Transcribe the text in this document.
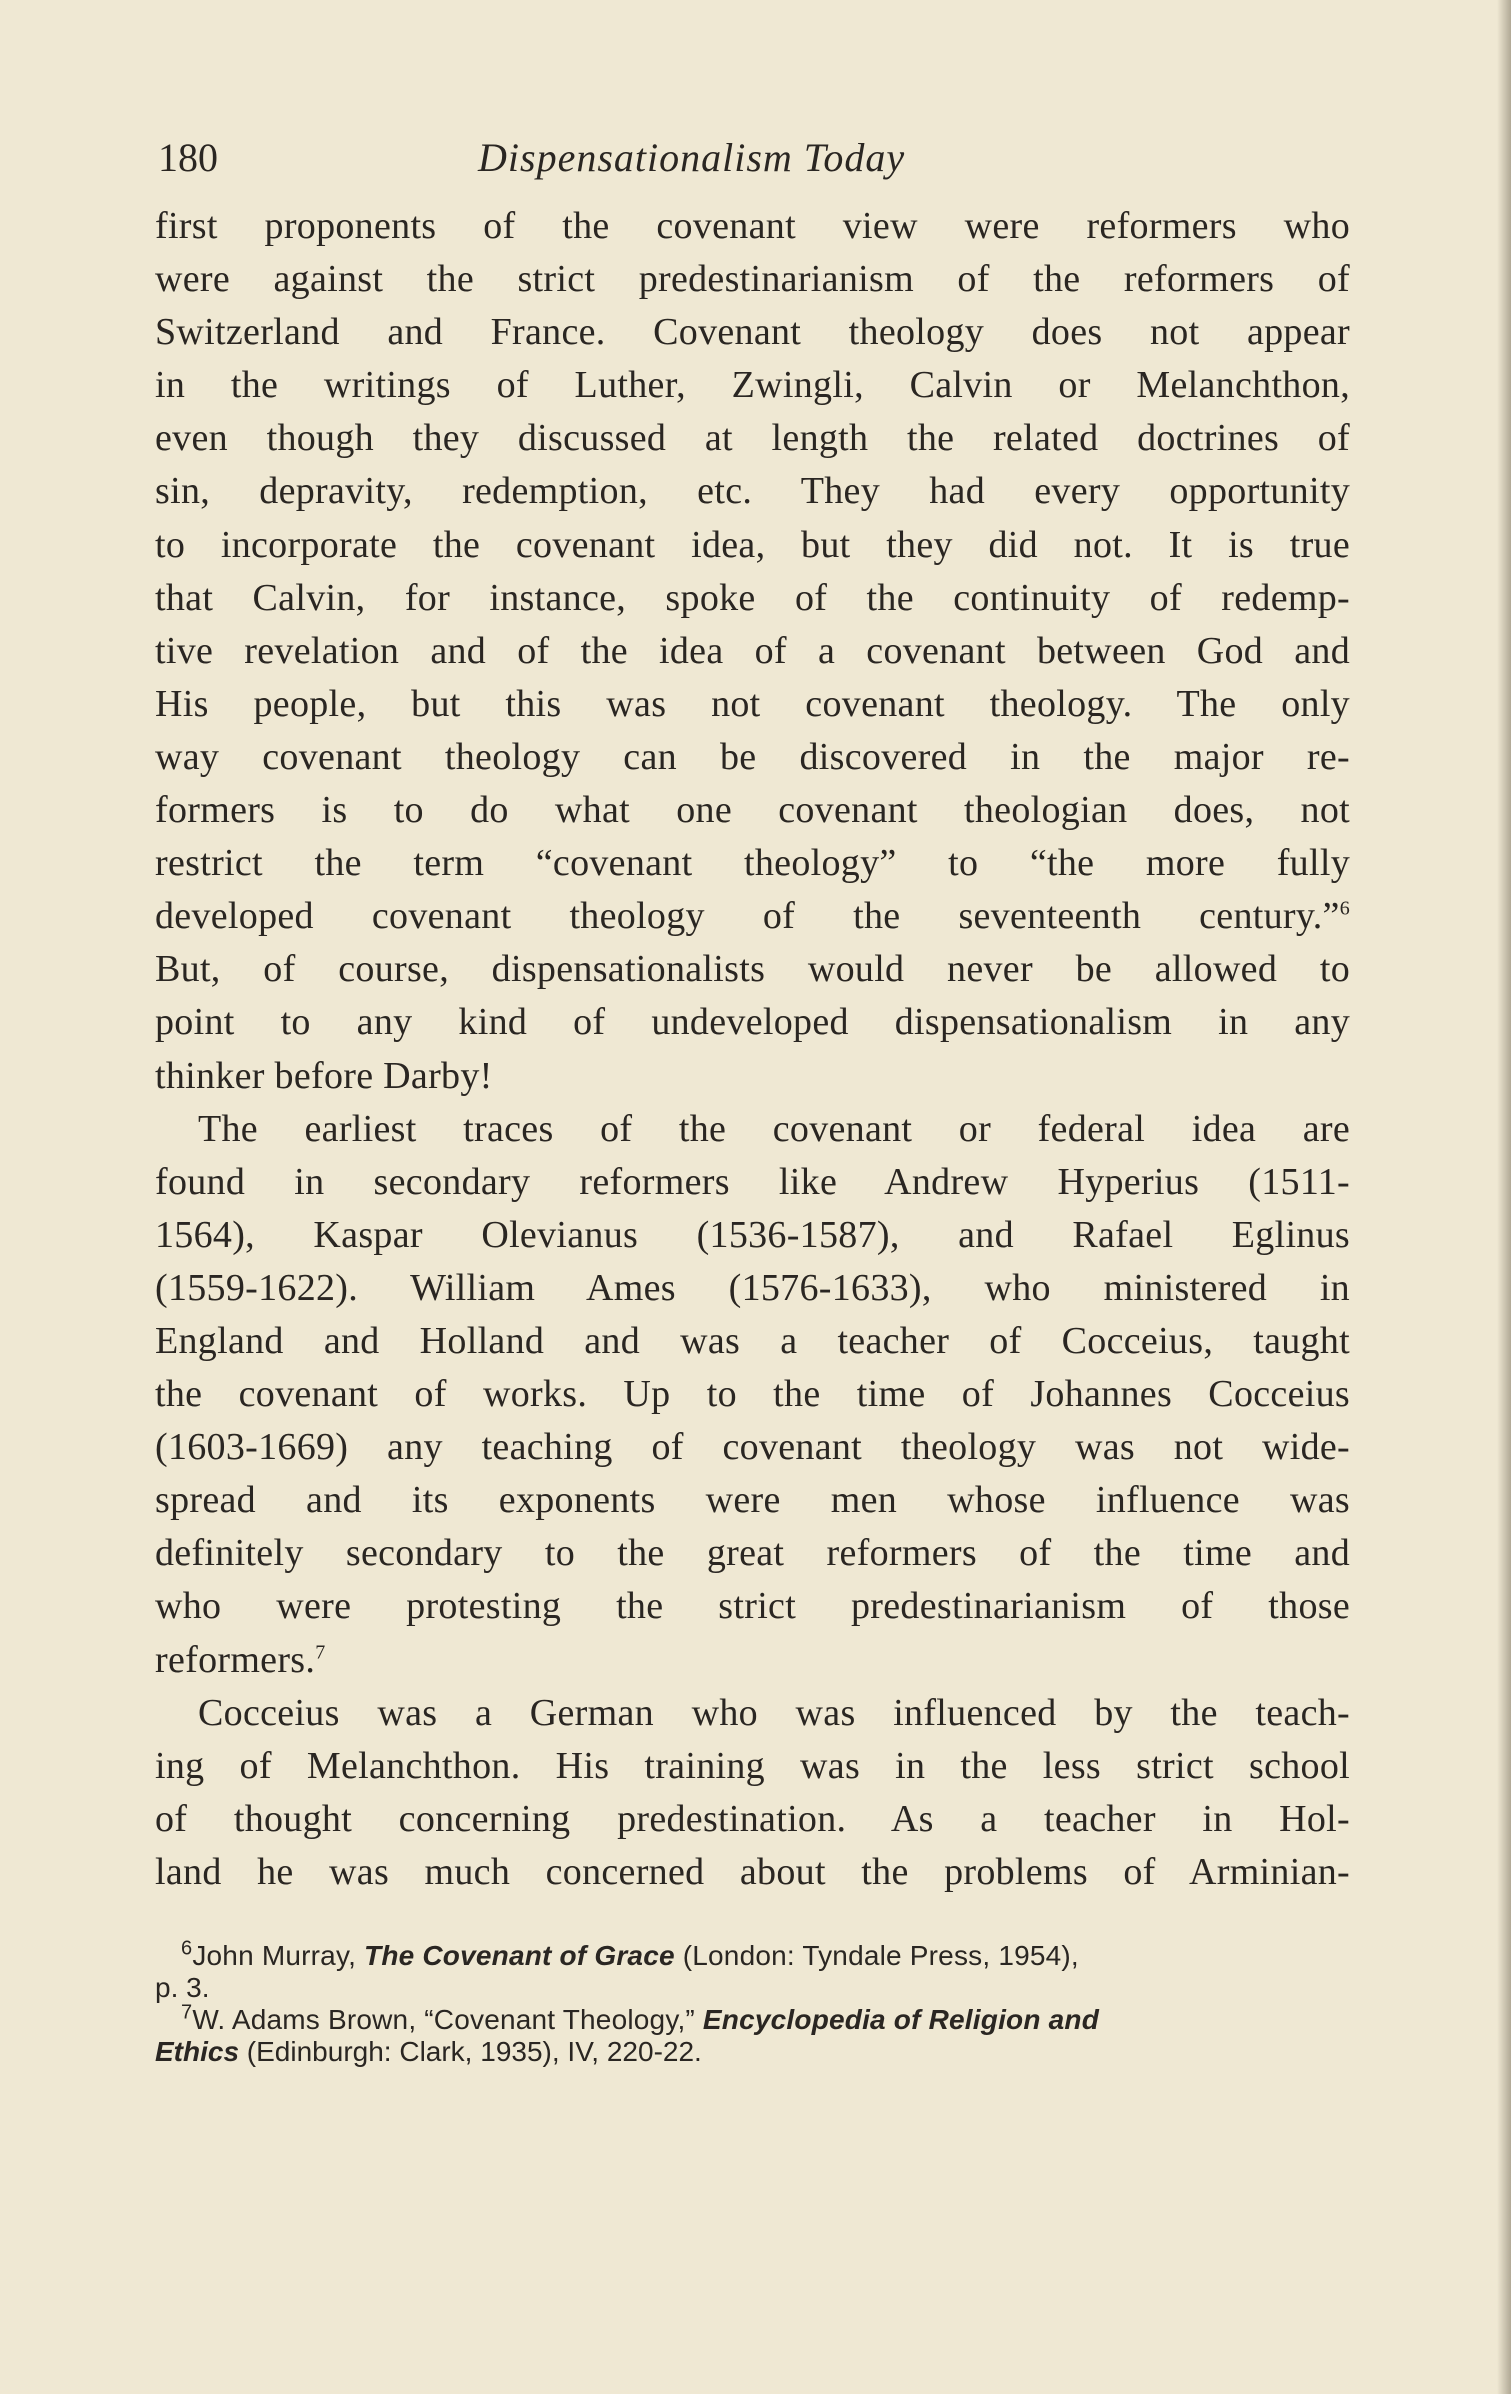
180	Dispensationalism Today
first proponents of the covenant view were reformers who
were against the strict predestinarianism of the reformers of
Switzerland and France. Covenant theology does not appear
in the writings of Luther, Zwingli, Calvin or Melanchthon,
even though they discussed at length the related doctrines of
sin, depravity, redemption, etc. They had every opportunity
to incorporate the covenant idea, but they did not. It is true
that Calvin, for instance, spoke of the continuity of redemp-
tive revelation and of the idea of a covenant between God and
His people, but this was not covenant theology. The only
way covenant theology can be discovered in the major re-
formers is to do what one covenant theologian does, not
restrict the term “covenant theology” to “the more fully
developed covenant theology of the seventeenth century.”$^6$
But, of course, dispensationalists would never be allowed to
point to any kind of undeveloped dispensationalism in any
thinker before Darby!
The earliest traces of the covenant or federal idea are
found in secondary reformers like Andrew Hyperius (1511-
1564), Kaspar Olevianus (1536-1587), and Rafael Eglinus
(1559-1622). William Ames (1576-1633), who ministered in
England and Holland and was a teacher of Cocceius, taught
the covenant of works. Up to the time of Johannes Cocceius
(1603-1669) any teaching of covenant theology was not wide-
spread and its exponents were men whose influence was
definitely secondary to the great reformers of the time and
who were protesting the strict predestinarianism of those
reformers.$^7$
Cocceius was a German who was influenced by the teach-
ing of Melanchthon. His training was in the less strict school
of thought concerning predestination. As a teacher in Hol-
land he was much concerned about the problems of Arminian-
$^6$John Murray, The Covenant of Grace (London: Tyndale Press, 1954),
p. 3.
$^7$W. Adams Brown, “Covenant Theology,” Encyclopedia of Religion and
Ethics (Edinburgh: Clark, 1935), IV, 220-22.
